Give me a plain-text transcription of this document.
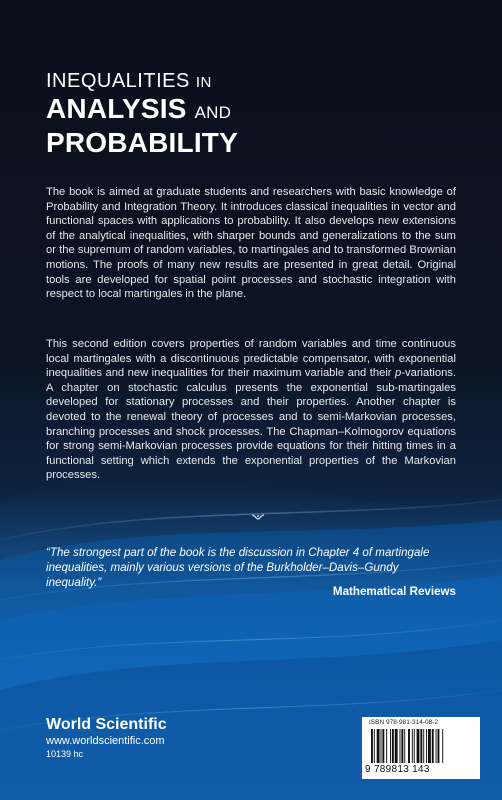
INEQUALITIES IN
ANALYSIS AND
PROBABILITY
The book is aimed at graduate students and researchers with basic knowledge of Probability and Integration Theory. It introduces classical inequalities in vector and functional spaces with applications to probability. It also develops new extensions of the analytical inequalities, with sharper bounds and generalizations to the sum or the supremum of random variables, to martingales and to transformed Brownian motions. The proofs of many new results are presented in great detail. Original tools are developed for spatial point processes and stochastic integration with respect to local martingales in the plane.
This second edition covers properties of random variables and time continuous local martingales with a discontinuous predictable compensator, with exponential inequalities and new inequalities for their maximum variable and their p-variations. A chapter on stochastic calculus presents the exponential sub-martingales developed for stationary processes and their properties. Another chapter is devoted to the renewal theory of processes and to semi-Markovian processes, branching processes and shock processes. The Chapman–Kolmogorov equations for strong semi-Markovian processes provide equations for their hitting times in a functional setting which extends the exponential properties of the Markovian processes.
“The strongest part of the book is the discussion in Chapter 4 of martingale inequalities, mainly various versions of the Burkholder–Davis–Gundy inequality.”
Mathematical Reviews
World Scientific
www.worldscientific.com
10139 hc
ISBN 978-981-314-08-2
9 789813 143
